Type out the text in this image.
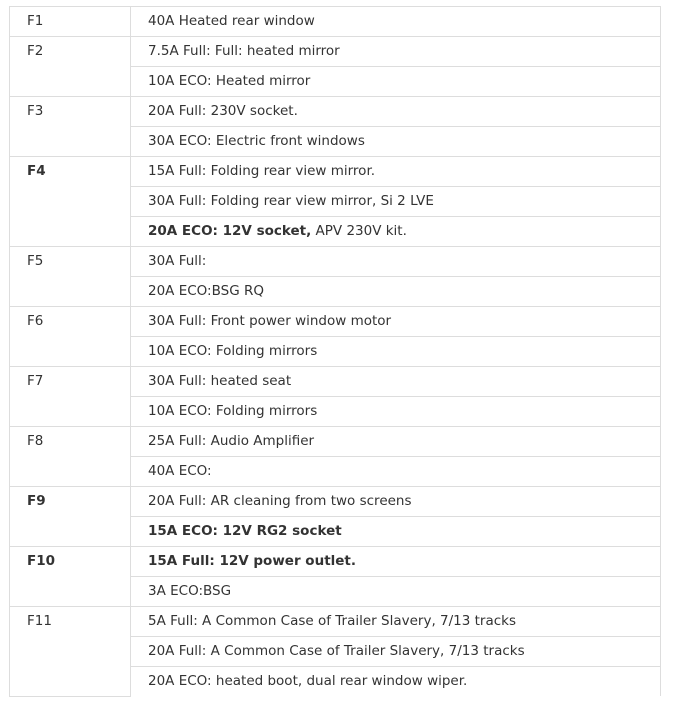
F1	40A Heated rear window
F2	7.5A Full: Full: heated mirror
	10A ECO: Heated mirror
F3	20A Full: 230V socket.
	30A ECO: Electric front windows
F4	15A Full: Folding rear view mirror.
	30A Full: Folding rear view mirror, Si 2 LVE
	20A ECO: 12V socket, APV 230V kit.
F5	30A Full:
	20A ECO:BSG RQ
F6	30A Full: Front power window motor
	10A ECO: Folding mirrors
F7	30A Full: heated seat
	10A ECO: Folding mirrors
F8	25A Full: Audio Amplifier
	40A ECO:
F9	20A Full: AR cleaning from two screens
	15A ECO: 12V RG2 socket
F10	15A Full: 12V power outlet.
	3A ECO:BSG
F11	5A Full: A Common Case of Trailer Slavery, 7/13 tracks
	20A Full: A Common Case of Trailer Slavery, 7/13 tracks
	20A ECO: heated boot, dual rear window wiper.
